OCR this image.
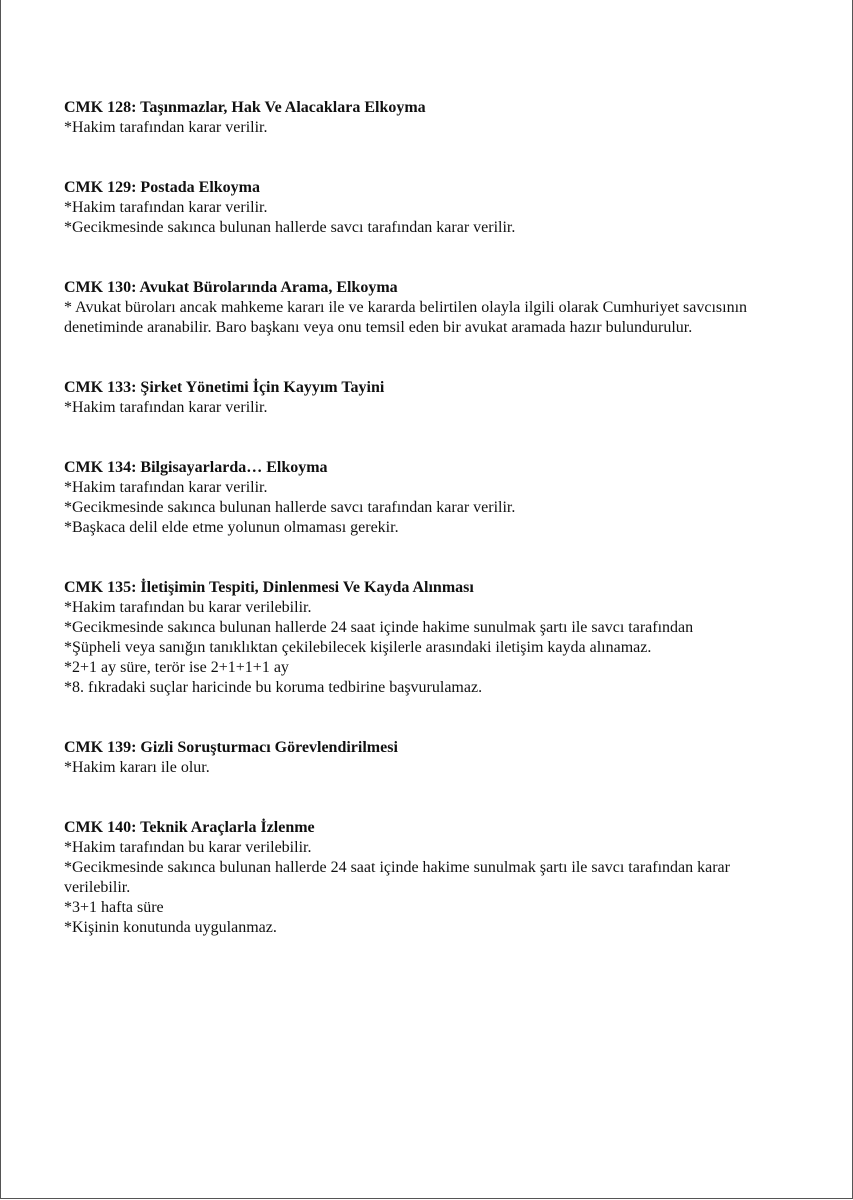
CMK 128: Taşınmazlar, Hak Ve Alacaklara Elkoyma
*Hakim tarafından karar verilir.
CMK 129: Postada Elkoyma
*Hakim tarafından karar verilir.
*Gecikmesinde sakınca bulunan hallerde savcı tarafından karar verilir.
CMK 130: Avukat Bürolarında Arama, Elkoyma
* Avukat büroları ancak mahkeme kararı ile ve kararda belirtilen olayla ilgili olarak Cumhuriyet savcısının denetiminde aranabilir. Baro başkanı veya onu temsil eden bir avukat aramada hazır bulundurulur.
CMK 133: Şirket Yönetimi İçin Kayyım Tayini
*Hakim tarafından karar verilir.
CMK 134: Bilgisayarlarda… Elkoyma
*Hakim tarafından karar verilir.
*Gecikmesinde sakınca bulunan hallerde savcı tarafından karar verilir.
*Başkaca delil elde etme yolunun olmaması gerekir.
CMK 135: İletişimin Tespiti, Dinlenmesi Ve Kayda Alınması
*Hakim tarafından bu karar verilebilir.
*Gecikmesinde sakınca bulunan hallerde 24 saat içinde hakime sunulmak şartı ile savcı tarafından
*Şüpheli veya sanığın tanıklıktan çekilebilecek kişilerle arasındaki iletişim kayda alınamaz.
*2+1 ay süre, terör ise 2+1+1+1 ay
*8. fıkradaki suçlar haricinde bu koruma tedbirine başvurulamaz.
CMK 139: Gizli Soruşturmacı Görevlendirilmesi
*Hakim kararı ile olur.
CMK 140: Teknik Araçlarla İzlenme
*Hakim tarafından bu karar verilebilir.
*Gecikmesinde sakınca bulunan hallerde 24 saat içinde hakime sunulmak şartı ile savcı tarafından karar verilebilir.
*3+1 hafta süre
*Kişinin konutunda uygulanmaz.
